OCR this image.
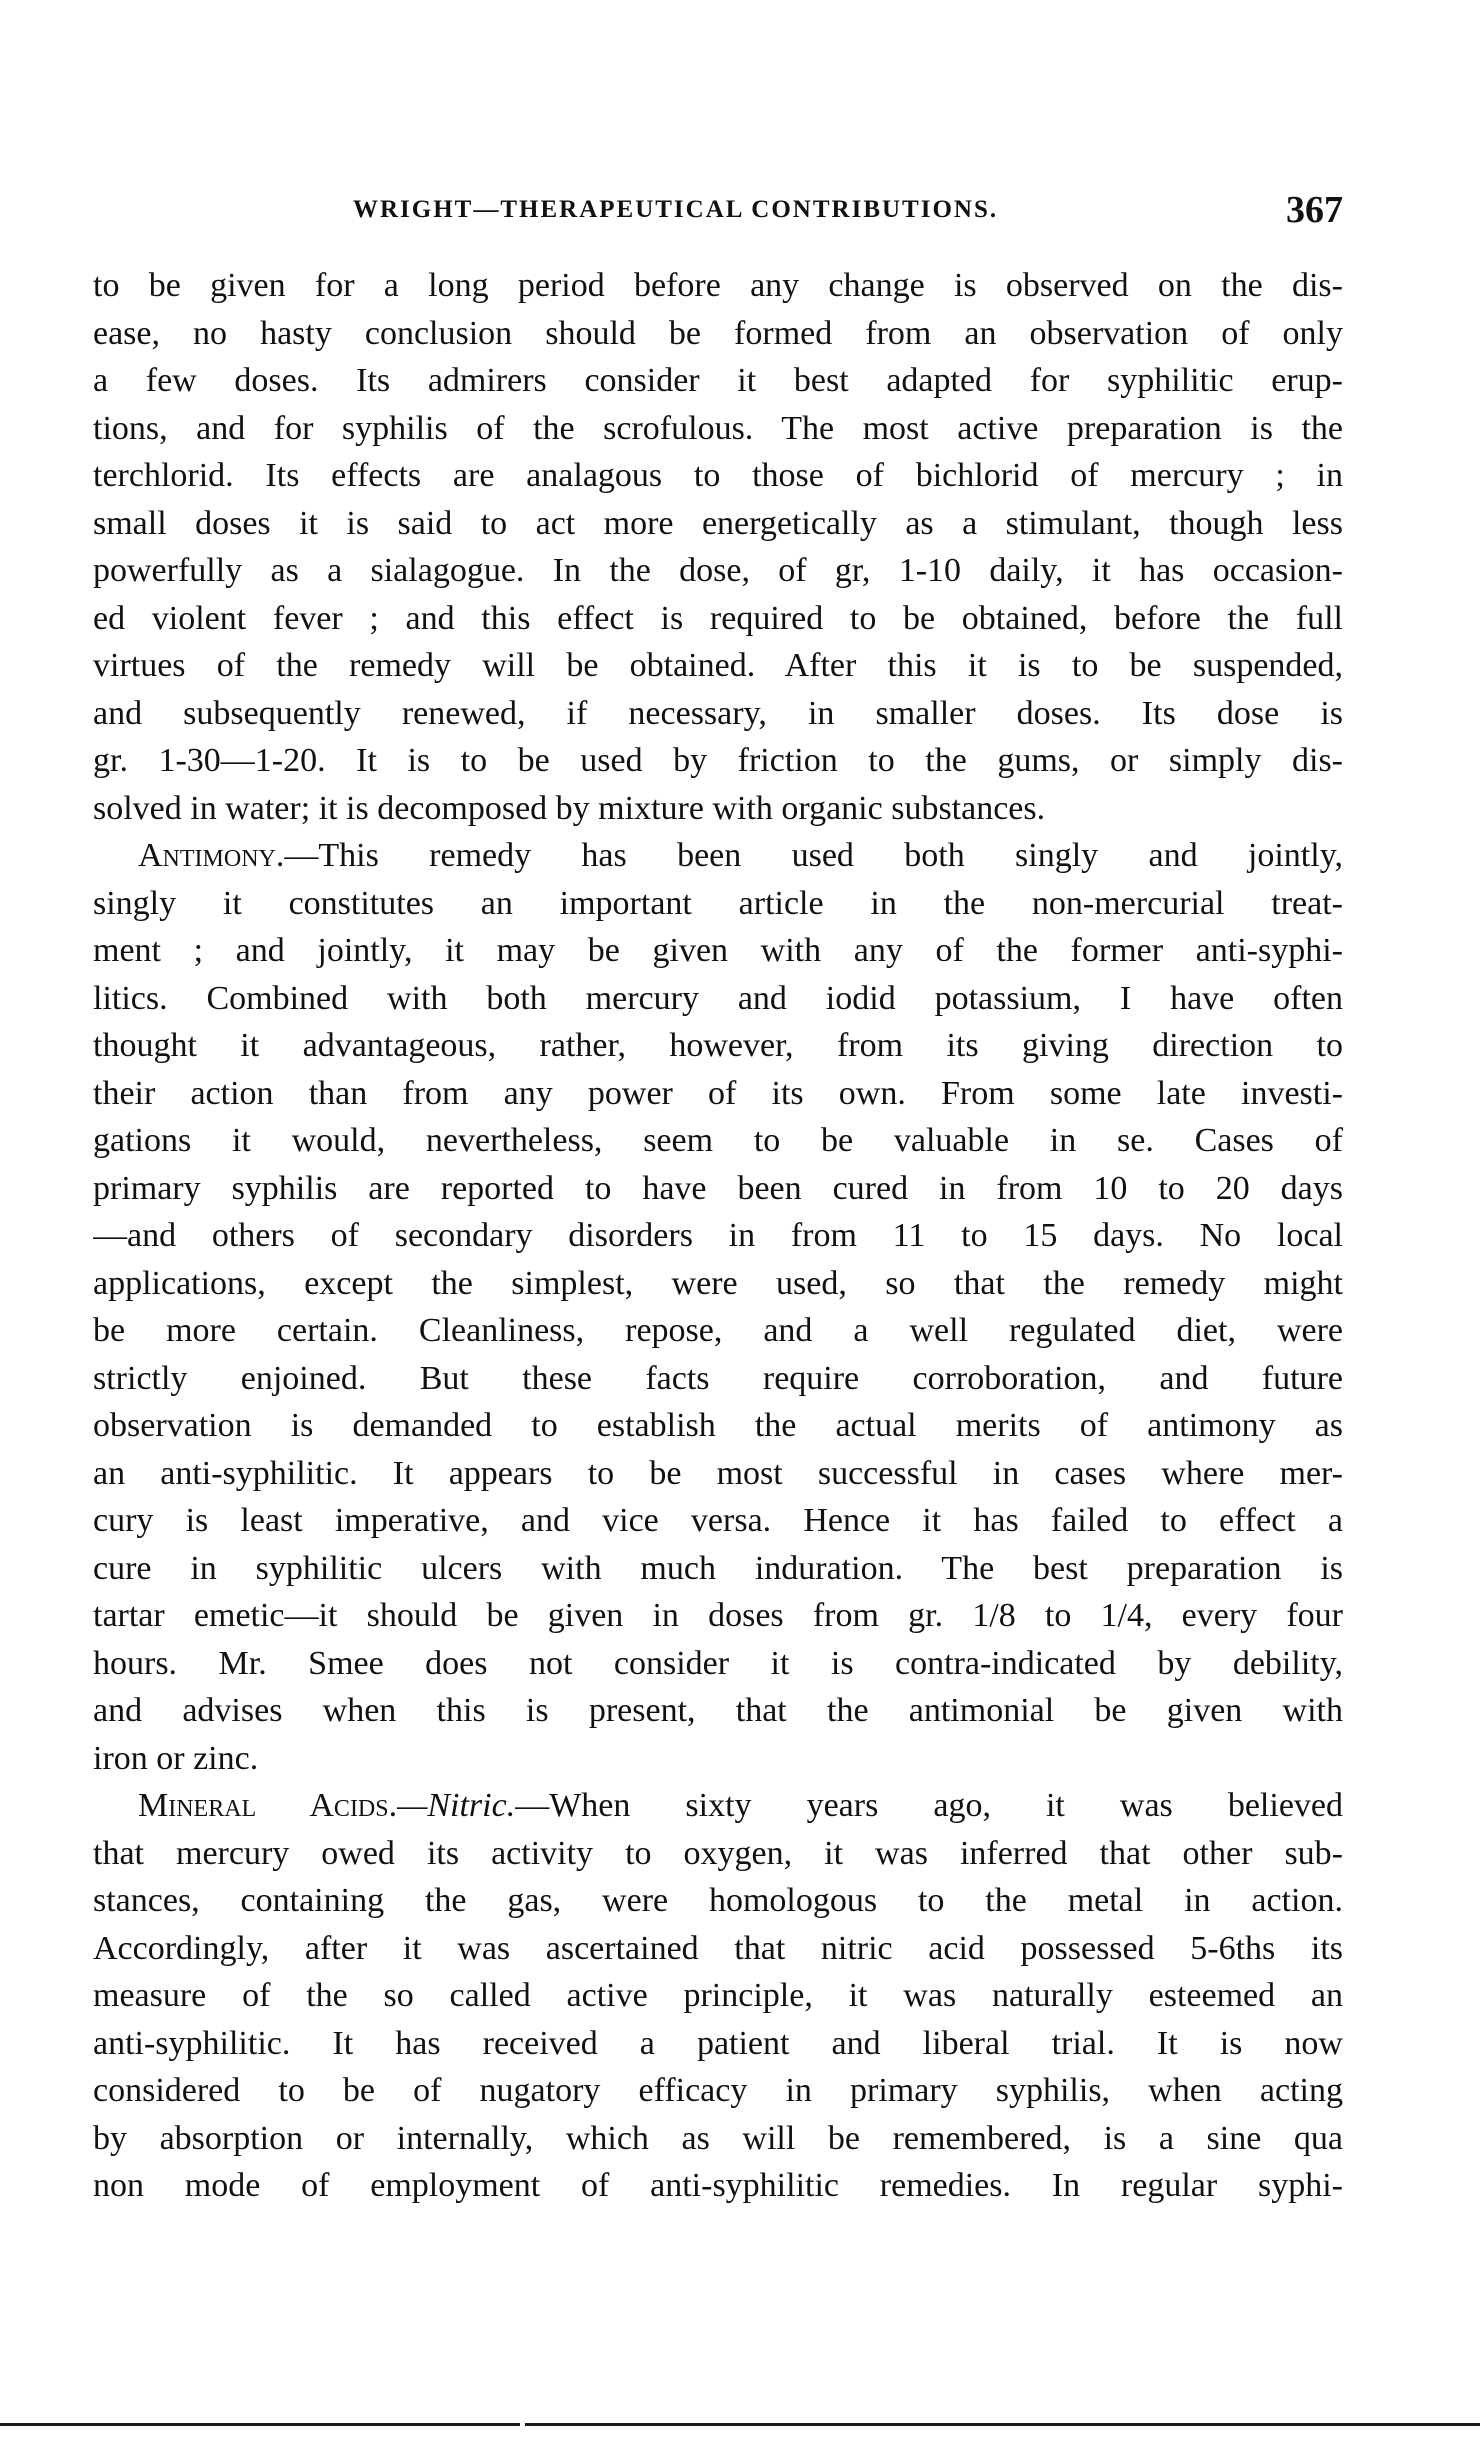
WRIGHT—THERAPEUTICAL CONTRIBUTIONS.	367
to be given for a long period before any change is observed on the dis-
ease, no hasty conclusion should be formed from an observation of only
a few doses. Its admirers consider it best adapted for syphilitic erup-
tions, and for syphilis of the scrofulous. The most active preparation is the
terchlorid. Its effects are analagous to those of bichlorid of mercury ; in
small doses it is said to act more energetically as a stimulant, though less
powerfully as a sialagogue. In the dose, of gr, 1-10 daily, it has occasion-
ed violent fever ; and this effect is required to be obtained, before the full
virtues of the remedy will be obtained. After this it is to be suspended,
and subsequently renewed, if necessary, in smaller doses. Its dose is
gr. 1-30—1-20. It is to be used by friction to the gums, or simply dis-
solved in water; it is decomposed by mixture with organic substances.
Antimony.—This remedy has been used both singly and jointly,
singly it constitutes an important article in the non-mercurial treat-
ment ; and jointly, it may be given with any of the former anti-syphi-
litics. Combined with both mercury and iodid potassium, I have often
thought it advantageous, rather, however, from its giving direction to
their action than from any power of its own. From some late investi-
gations it would, nevertheless, seem to be valuable in se. Cases of
primary syphilis are reported to have been cured in from 10 to 20 days
—and others of secondary disorders in from 11 to 15 days. No local
applications, except the simplest, were used, so that the remedy might
be more certain. Cleanliness, repose, and a well regulated diet, were
strictly enjoined. But these facts require corroboration, and future
observation is demanded to establish the actual merits of antimony as
an anti-syphilitic. It appears to be most successful in cases where mer-
cury is least imperative, and vice versa. Hence it has failed to effect a
cure in syphilitic ulcers with much induration. The best preparation is
tartar emetic—it should be given in doses from gr. 1/8 to 1/4, every four
hours. Mr. Smee does not consider it is contra-indicated by debility,
and advises when this is present, that the antimonial be given with
iron or zinc.
Mineral Acids.—Nitric.—When sixty years ago, it was believed
that mercury owed its activity to oxygen, it was inferred that other sub-
stances, containing the gas, were homologous to the metal in action.
Accordingly, after it was ascertained that nitric acid possessed 5-6ths its
measure of the so called active principle, it was naturally esteemed an
anti-syphilitic. It has received a patient and liberal trial. It is now
considered to be of nugatory efficacy in primary syphilis, when acting
by absorption or internally, which as will be remembered, is a sine qua
non mode of employment of anti-syphilitic remedies. In regular syphi-
